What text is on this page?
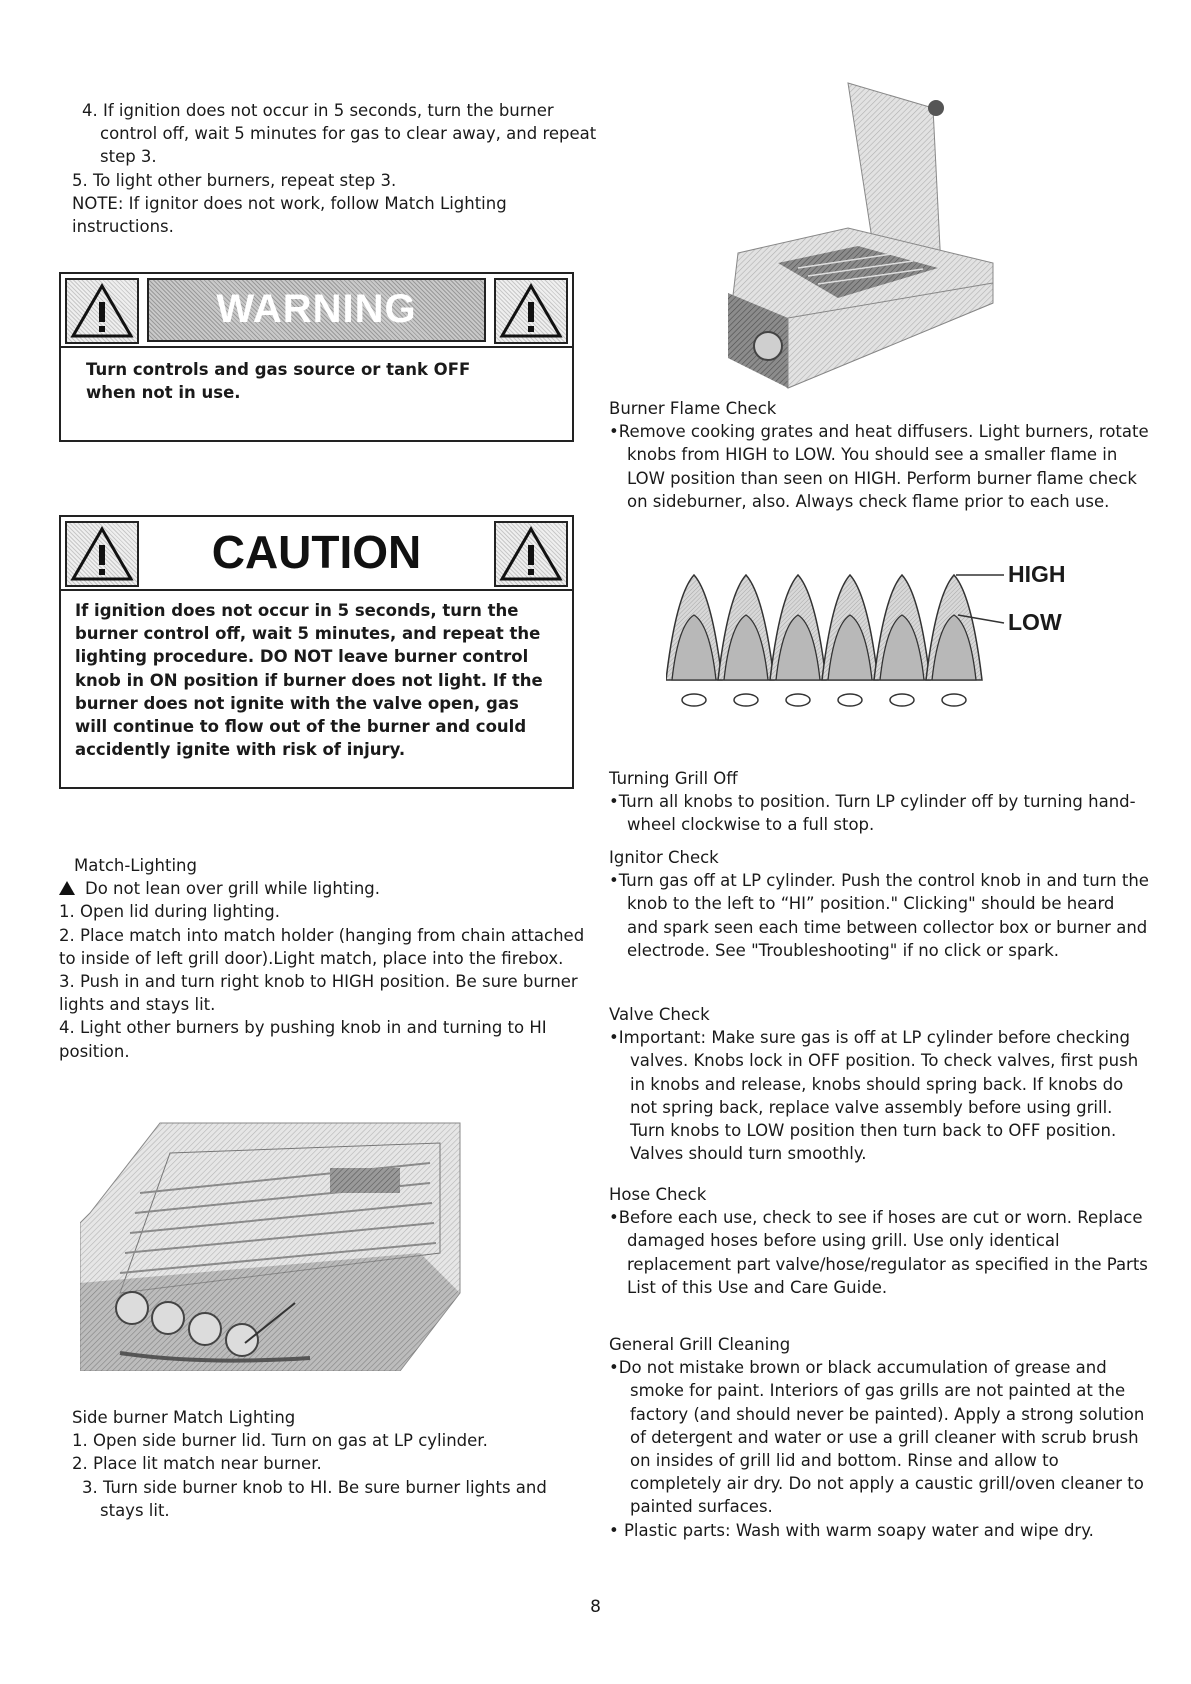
4. If ignition does not occur in 5 seconds, turn the burner control off, wait 5 minutes for gas to clear away, and repeat step 3.

5. To light other burners, repeat step 3.

NOTE: If ignitor does not work, follow Match Lighting instructions.

WARNING

Turn controls and gas source or tank OFF when not in use.

CAUTION

If ignition does not occur in 5 seconds, turn the burner control off, wait 5 minutes, and repeat the lighting procedure. DO NOT leave burner control knob in ON position if burner does not light. If the burner does not ignite with the valve open, gas will continue to flow out of the burner and could accidently ignite with risk of injury.

Match-Lighting

Do not lean over grill while lighting.

1. Open lid during lighting.

2. Place match into match holder (hanging from chain attached to inside of left grill door).Light match, place into the firebox.

3. Push in and turn right knob to HIGH position. Be sure burner lights and stays lit.

4. Light other burners by pushing knob in and turning to HI position.

Side burner Match Lighting

1. Open side burner lid. Turn on gas at LP cylinder.

2. Place lit match near burner.

3. Turn side burner knob to HI. Be sure burner lights and stays lit.

Burner Flame Check

•Remove cooking grates and heat diffusers. Light burners, rotate knobs from HIGH to LOW. You should see a smaller flame in LOW position than seen on HIGH. Perform burner flame check on sideburner, also. Always check flame prior to each use.

HIGH
LOW

Turning Grill Off

•Turn all knobs to position. Turn LP cylinder off by turning hand-wheel clockwise to a full stop.

Ignitor Check

•Turn gas off at LP cylinder. Push the control knob in and turn the knob to the left to “HI” position." Clicking" should be heard and spark seen each time between collector box or burner and electrode. See "Troubleshooting" if no click or spark.

Valve Check

•Important: Make sure gas is off at LP cylinder before checking valves. Knobs lock in OFF position. To check valves, first push in knobs and release, knobs should spring back. If knobs do not spring back, replace valve assembly before using grill. Turn knobs to LOW position then turn back to OFF position. Valves should turn smoothly.

Hose Check

•Before each use, check to see if hoses are cut or worn. Replace damaged hoses before using grill. Use only identical replacement part valve/hose/regulator as specified in the Parts List of this Use and Care Guide.

General Grill Cleaning

•Do not mistake brown or black accumulation of grease and smoke for paint. Interiors of gas grills are not painted at the factory (and should never be painted). Apply a strong solution of detergent and water or use a grill cleaner with scrub brush on insides of grill lid and bottom. Rinse and allow to completely air dry. Do not apply a caustic grill/oven cleaner to painted surfaces.

• Plastic parts: Wash with warm soapy water and wipe dry.

8
